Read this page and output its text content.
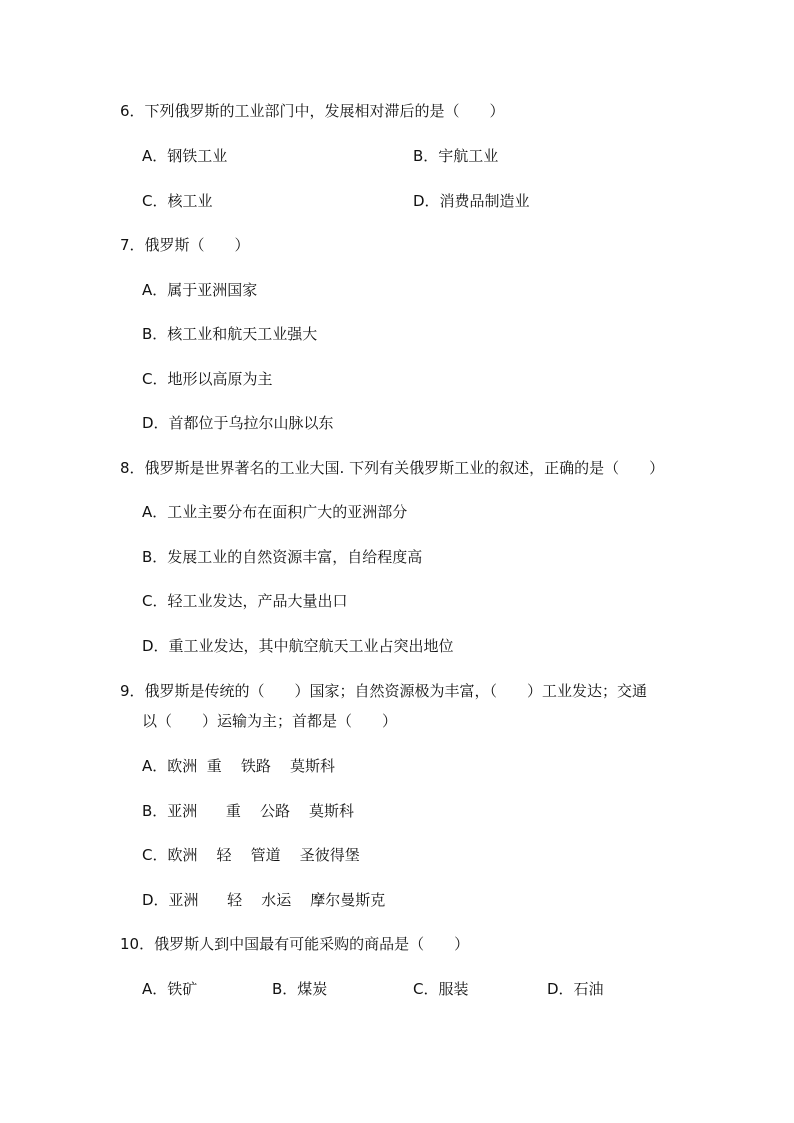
6．下列俄罗斯的工业部门中，发展相对滞后的是（　　）
A．钢铁工业	B．宇航工业
C．核工业	D．消费品制造业
7．俄罗斯（　　）
A．属于亚洲国家
B．核工业和航天工业强大
C．地形以高原为主
D．首都位于乌拉尔山脉以东
8．俄罗斯是世界著名的工业大国. 下列有关俄罗斯工业的叙述，正确的是（　　）
A．工业主要分布在面积广大的亚洲部分
B．发展工业的自然资源丰富，自给程度高
C．轻工业发达，产品大量出口
D．重工业发达，其中航空航天工业占突出地位
9．俄罗斯是传统的（　　）国家；自然资源极为丰富，（　　）工业发达；交通
以（　　）运输为主；首都是（　　）
A．欧洲  重    铁路    莫斯科
B．亚洲      重    公路    莫斯科
C．欧洲    轻    管道    圣彼得堡
D．亚洲      轻    水运    摩尔曼斯克
10．俄罗斯人到中国最有可能采购的商品是（　　）
A．铁矿	B．煤炭	C．服装	D．石油
